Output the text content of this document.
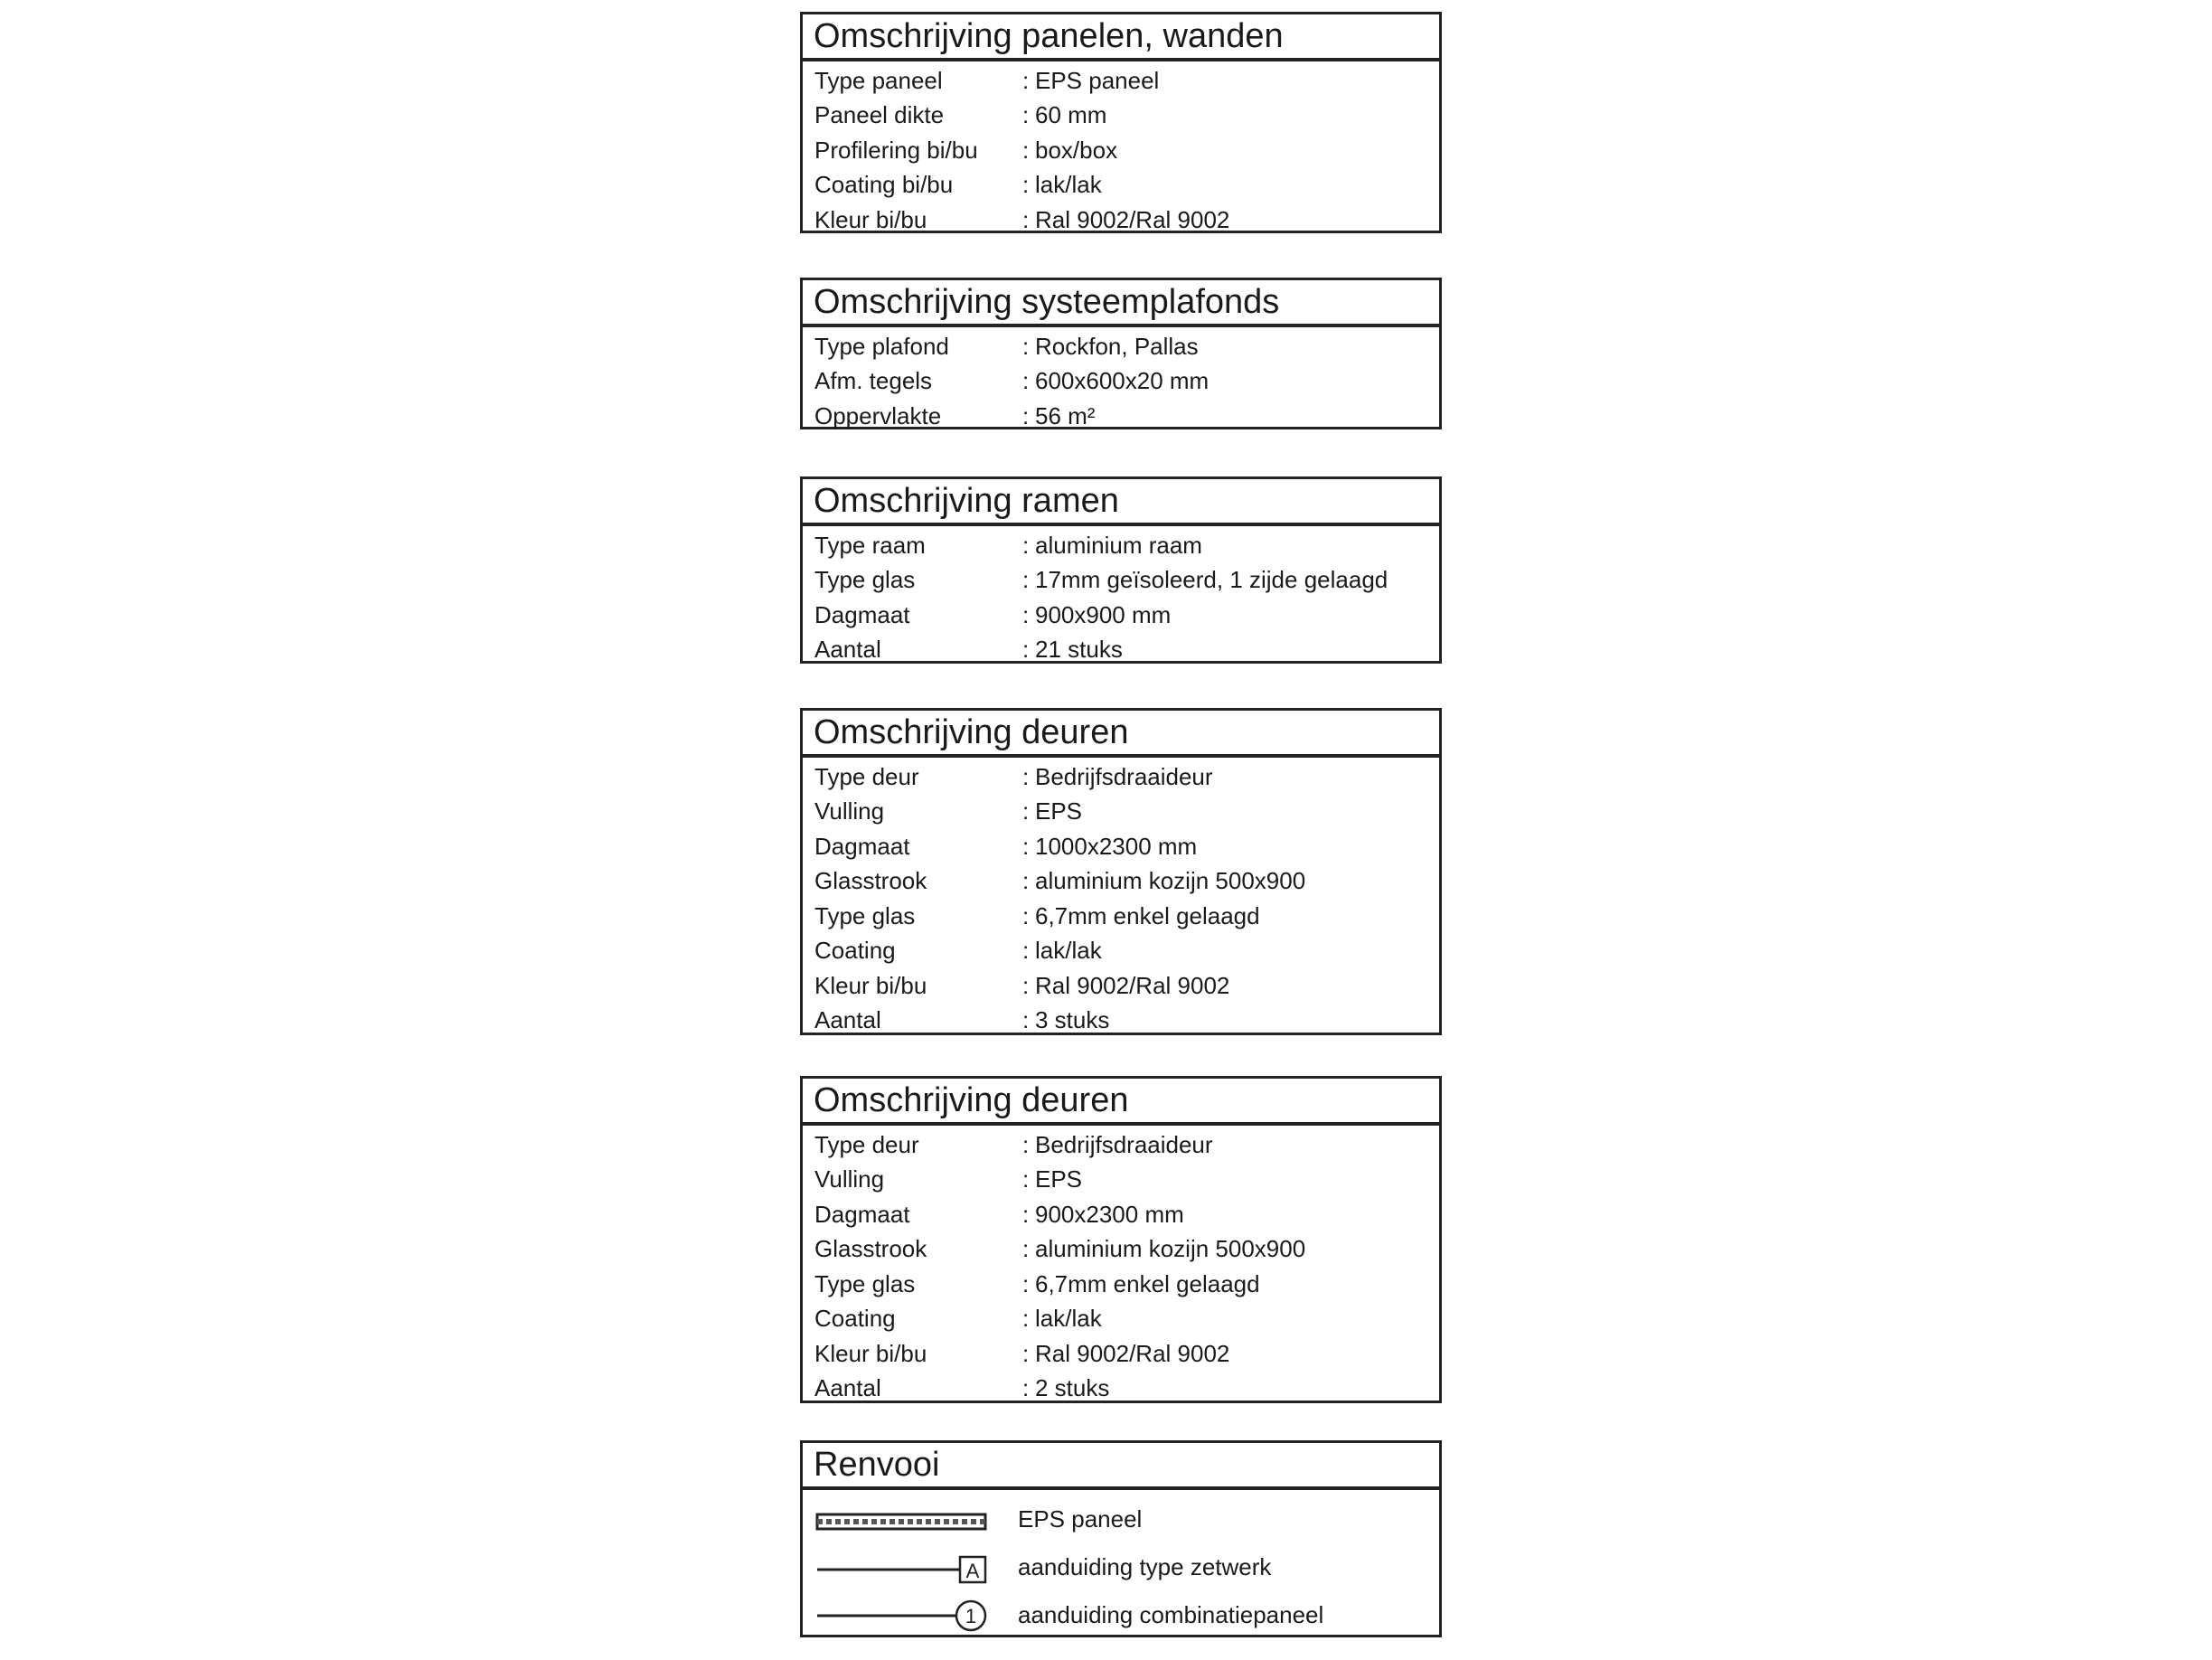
Omschrijving panelen, wanden
Type paneel	: EPS paneel
Paneel dikte	: 60 mm
Profilering bi/bu	: box/box
Coating bi/bu	: lak/lak
Kleur bi/bu	: Ral 9002/Ral 9002
Omschrijving systeemplafonds
Type plafond	: Rockfon, Pallas
Afm. tegels	: 600x600x20 mm
Oppervlakte	: 56 m²
Omschrijving ramen
Type raam	: aluminium raam
Type glas	: 17mm geïsoleerd, 1 zijde gelaagd
Dagmaat	: 900x900 mm
Aantal	: 21 stuks
Omschrijving deuren
Type deur	: Bedrijfsdraaideur
Vulling	: EPS
Dagmaat	: 1000x2300 mm
Glasstrook	: aluminium kozijn 500x900
Type glas	: 6,7mm enkel gelaagd
Coating	: lak/lak
Kleur bi/bu	: Ral 9002/Ral 9002
Aantal	: 3 stuks
Omschrijving deuren
Type deur	: Bedrijfsdraaideur
Vulling	: EPS
Dagmaat	: 900x2300 mm
Glasstrook	: aluminium kozijn 500x900
Type glas	: 6,7mm enkel gelaagd
Coating	: lak/lak
Kleur bi/bu	: Ral 9002/Ral 9002
Aantal	: 2 stuks
Renvooi
EPS paneel
A aanduiding type zetwerk
1 aanduiding combinatiepaneel
